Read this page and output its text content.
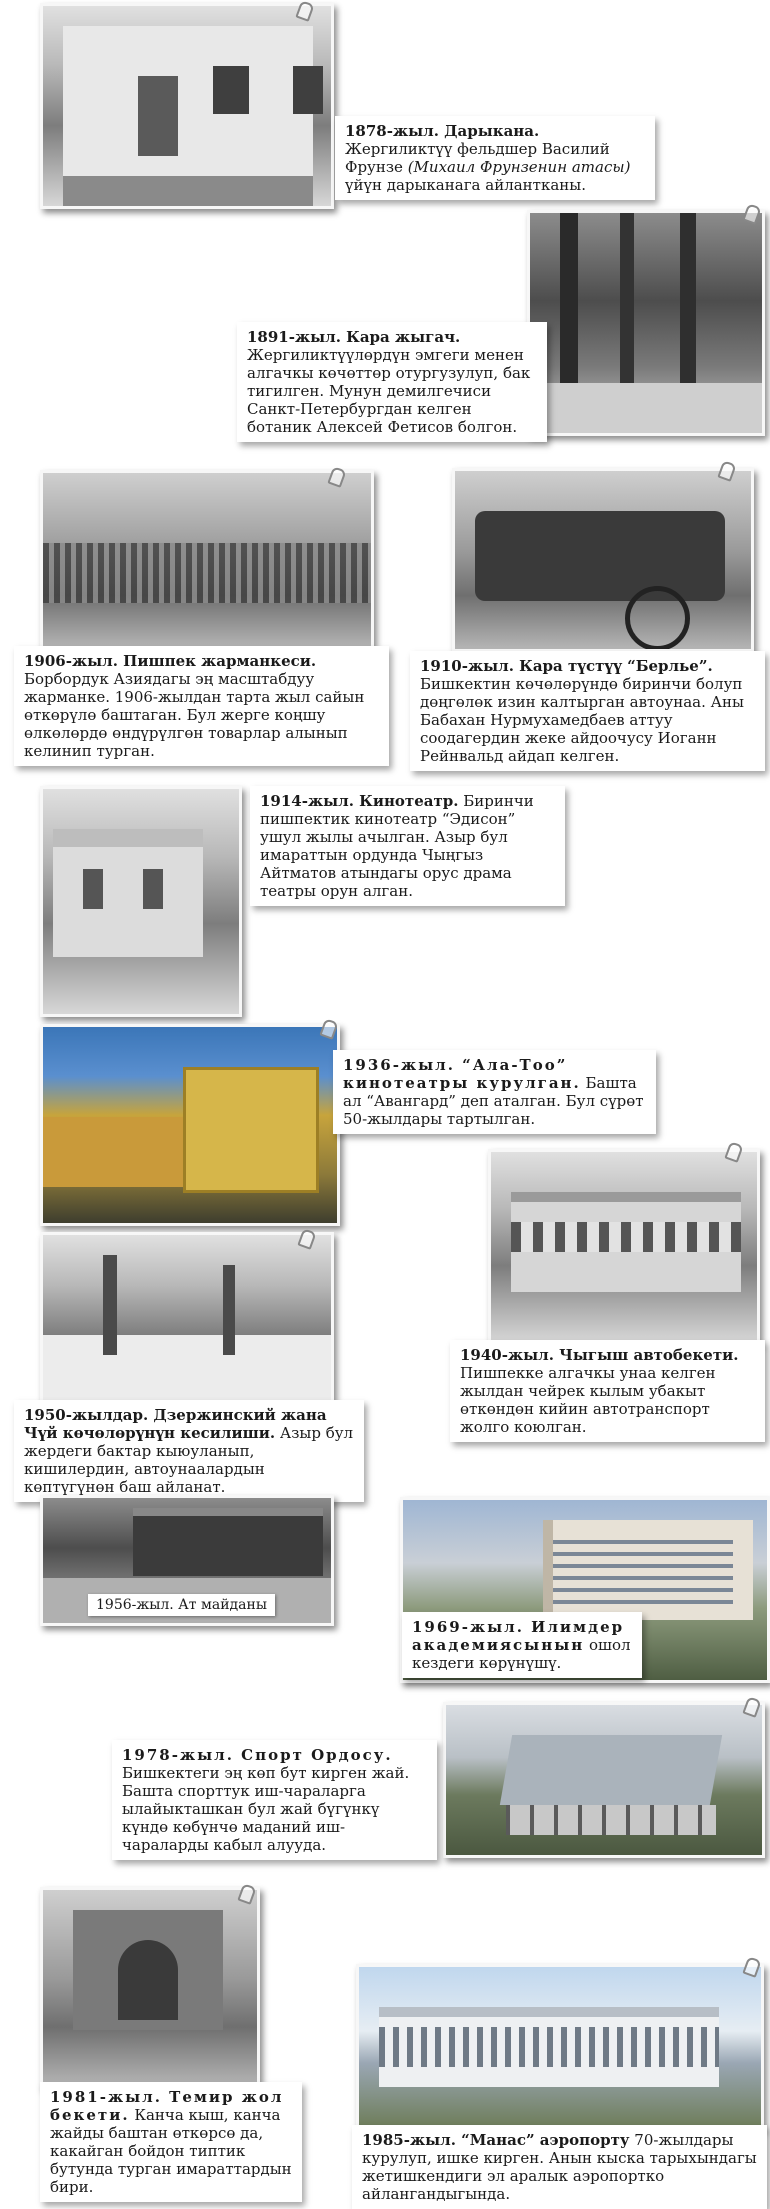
1878-жыл. Дарыкана.
Жергиликтүү фельдшер Василий Фрунзе (Михаил Фрунзенин атасы) үйүн дарыканага айлантканы.
1891-жыл. Кара жыгач.
Жергиликтүүлөрдүн эмгеги менен алгачкы көчөттөр отургузулуп, бак тигилген. Мунун демилгечиси Санкт-Петербургдан келген ботаник Алексей Фетисов болгон.
1906-жыл. Пишпек жарманкеси.
Борбордук Азиядагы эң масштабдуу жарманке. 1906-жылдан тарта жыл сайын өткөрүлө баштаган. Бул жерге коңшу өлкөлөрдө өндүрүлгөн товарлар алынып келинип турган.
1910-жыл. Кара түстүү “Берлье”.
Бишкектин көчөлөрүндө биринчи болуп дөңгөлөк изин калтырган автоунаа. Аны Бабахан Нурмухамедбаев аттуу соодагердин жеке айдоочусу Иоганн Рейнвальд айдап келген.
1914-жыл. Кинотеатр. Биринчи пишпектик кинотеатр “Эдисон” ушул жылы ачылган. Азыр бул имараттын ордунда Чыңгыз Айтматов атындагы орус драма театры орун алган.
1936-жыл. “Ала-Тоо” кинотеатры курулган. Башта ал “Авангард” деп аталган. Бул сүрөт 50-жылдары тартылган.
1940-жыл. Чыгыш автобекети.
Пишпекке алгачкы унаа келген жылдан чейрек кылым убакыт өткөндөн кийин автотранспорт жолго коюлган.
1950-жылдар. Дзержинский жана Чүй көчөлөрүнүн кесилиши. Азыр бул жердеги бактар кыюуланып, кишилердин, автоунаалардын көптүгүнөн баш айланат.
1956-жыл. Ат майданы
1969-жыл. Илимдер академиясынын ошол кездеги көрүнүшү.
1978-жыл. Спорт Ордосу.
Бишкектеги эң көп бут кирген жай. Башта спорттук иш-чараларга ылайыкташкан бул жай бүгүнкү күндө көбүнчө маданий иш-чараларды кабыл алууда.
1981-жыл. Темир жол бекети. Канча кыш, канча жайды баштан өткөрсө да, какайган бойдон типтик бутунда турган имараттардын бири.
1985-жыл. “Манас” аэропорту 70-жылдары курулуп, ишке кирген. Анын кыска тарыхындагы жетишкендиги эл аралык аэропортко айлангандыгында.
